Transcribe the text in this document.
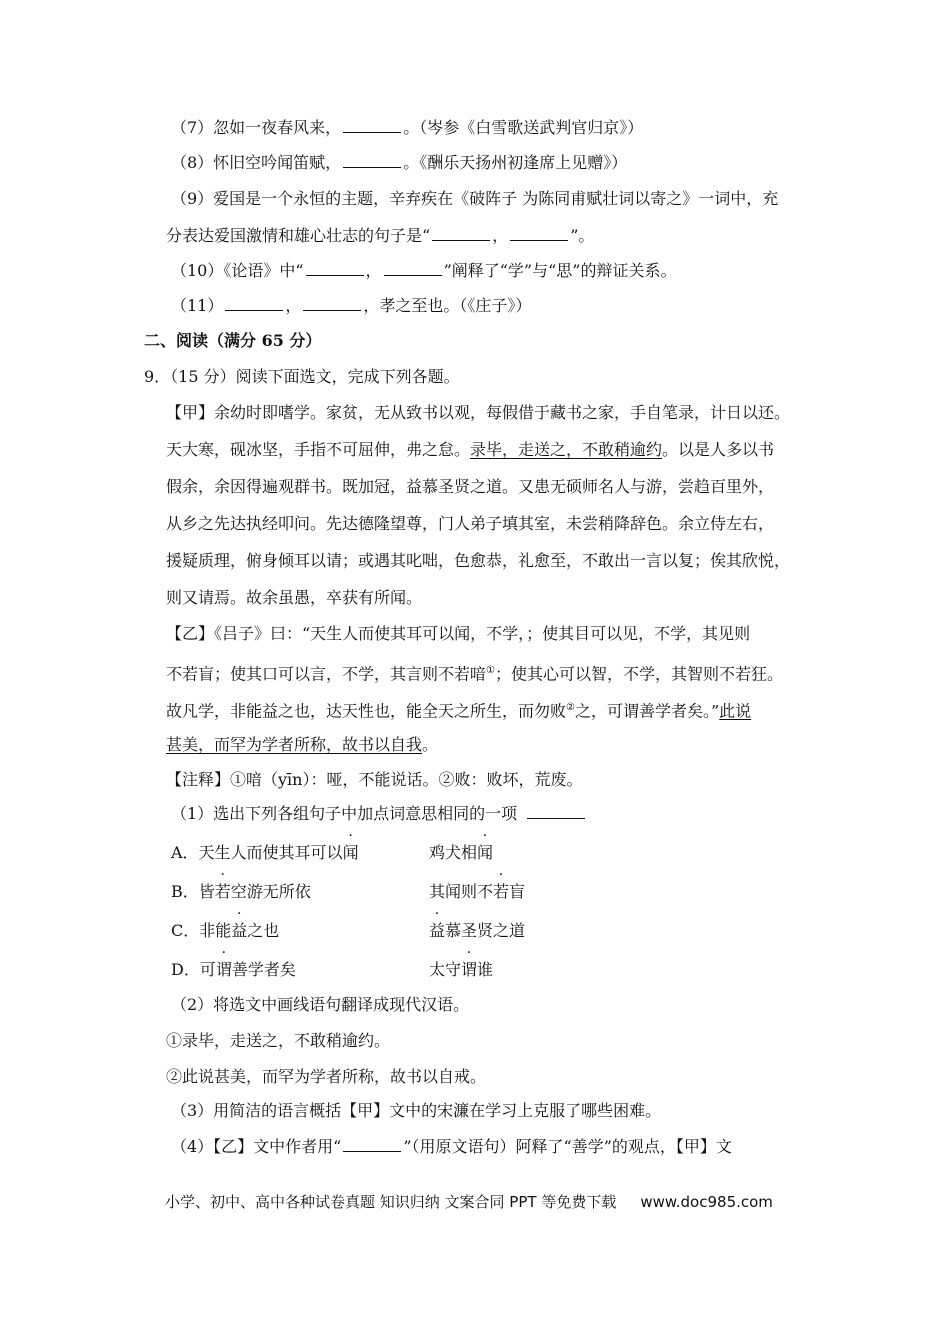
（7）忽如一夜春风来，	。（岑参《白雪歌送武判官归京》）
（8）怀旧空吟闻笛赋，	。《酬乐天扬州初逢席上见赠》）
（9）爱国是一个永恒的主题，辛弃疾在《破阵子 为陈同甫赋壮词以寄之》一词中，充
分表达爱国激情和雄心壮志的句子是“	，	”。
（10）《论语》中“	，	”阐释了“学”与“思”的辩证关系。
（11）	，	，孝之至也。（《庄子》）
二、阅读（满分 65 分）
9．（15 分）阅读下面选文，完成下列各题。
【甲】余幼时即嗜学。家贫，无从致书以观，每假借于藏书之家，手自笔录，计日以还。
天大寒，砚冰坚，手指不可屈伸，弗之怠。录毕，走送之，不敢稍逾约。以是人多以书
假余，余因得遍观群书。既加冠，益慕圣贤之道。又患无硕师名人与游，尝趋百里外，
从乡之先达执经叩问。先达德隆望尊，门人弟子填其室，未尝稍降辞色。余立侍左右，
援疑质理，俯身倾耳以请；或遇其叱咄，色愈恭，礼愈至，不敢出一言以复；俟其欣悦，
则又请焉。故余虽愚，卒获有所闻。
【乙】《吕子》曰：“天生人而使其耳可以闻，不学，；使其目可以见，不学，其见则
不若盲；使其口可以言，不学，其言则不若喑①；使其心可以智，不学，其智则不若狂。
故凡学，非能益之也，达天性也，能全天之所生，而勿败②之，可谓善学者矣。”此说
甚美，而罕为学者所称，故书以自我。
【注释】①喑（yīn）：哑，不能说话。②败：败坏，荒废。
（1）选出下列各组句子中加点词意思相同的一项
A．天生人而使其耳可以闻	鸡犬相闻
B．皆若空游无所依	其闻则不若盲
C．非能益之也	益慕圣贤之道
D．可谓善学者矣	太守谓谁
（2）将选文中画线语句翻译成现代汉语。
①录毕，走送之，不敢稍逾约。
②此说甚美，而罕为学者所称，故书以自戒。
（3）用简洁的语言概括【甲】文中的宋濂在学习上克服了哪些困难。
（4）【乙】文中作者用“	”（用原文语句）阿释了“善学”的观点，【甲】文
小学、初中、高中各种试卷真题 知识归纳 文案合同 PPT 等免费下载 www.doc985.com
